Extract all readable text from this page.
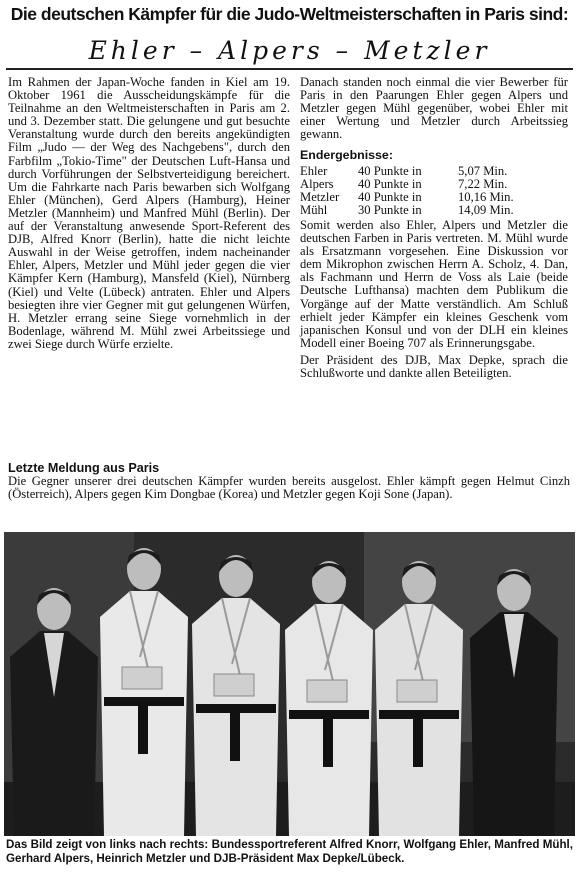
Die deutschen Kämpfer für die Judo-Weltmeisterschaften in Paris sind:
Ehler – Alpers – Metzler

Im Rahmen der Japan-Woche fanden in Kiel am 19. Oktober 1961 die Ausscheidungskämpfe für die Teilnahme an den Weltmeisterschaften in Paris am 2. und 3. Dezember statt. Die gelungene und gut besuchte Veranstaltung wurde durch den bereits angekündigten Film „Judo — der Weg des Nachgebens", durch den Farbfilm „Tokio-Time" der Deutschen Luft-Hansa und durch Vorführungen der Selbstverteidigung bereichert. Um die Fahrkarte nach Paris bewarben sich Wolfgang Ehler (München), Gerd Alpers (Hamburg), Heiner Metzler (Mannheim) und Manfred Mühl (Berlin). Der auf der Veranstaltung anwesende Sport-Referent des DJB, Alfred Knorr (Berlin), hatte die nicht leichte Auswahl in der Weise getroffen, indem nacheinander Ehler, Alpers, Metzler und Mühl jeder gegen die vier Kämpfer Kern (Hamburg), Mansfeld (Kiel), Nürnberg (Kiel) und Velte (Lübeck) antraten. Ehler und Alpers besiegten ihre vier Gegner mit gut gelungenen Würfen, H. Metzler errang seine Siege vornehmlich in der Bodenlage, während M. Mühl zwei Arbeitssiege und zwei Siege durch Würfe erzielte.

Danach standen noch einmal die vier Bewerber für Paris in den Paarungen Ehler gegen Alpers und Metzler gegen Mühl gegenüber, wobei Ehler mit einer Wertung und Metzler durch Arbeitssieg gewann.

Endergebnisse:
Ehler	40 Punkte in	5,07 Min.
Alpers	40 Punkte in	7,22 Min.
Metzler	40 Punkte in	10,16 Min.
Mühl	30 Punkte in	14,09 Min.

Somit werden also Ehler, Alpers und Metzler die deutschen Farben in Paris vertreten. M. Mühl wurde als Ersatzmann vorgesehen. Eine Diskussion vor dem Mikrophon zwischen Herrn A. Scholz, 4. Dan, als Fachmann und Herrn de Voss als Laie (beide Deutsche Lufthansa) machten dem Publikum die Vorgänge auf der Matte verständlich. Am Schluß erhielt jeder Kämpfer ein kleines Geschenk vom japanischen Konsul und von der DLH ein kleines Modell einer Boeing 707 als Erinnerungsgabe.

Der Präsident des DJB, Max Depke, sprach die Schlußworte und dankte allen Beteiligten.

Letzte Meldung aus Paris
Die Gegner unserer drei deutschen Kämpfer wurden bereits ausgelost. Ehler kämpft gegen Helmut Cinzh (Österreich), Alpers gegen Kim Dongbae (Korea) und Metzler gegen Koji Sone (Japan).
Das Bild zeigt von links nach rechts: Bundessportreferent Alfred Knorr, Wolfgang Ehler, Manfred Mühl, Gerhard Alpers, Heinrich Metzler und DJB-Präsident Max Depke/Lübeck.
